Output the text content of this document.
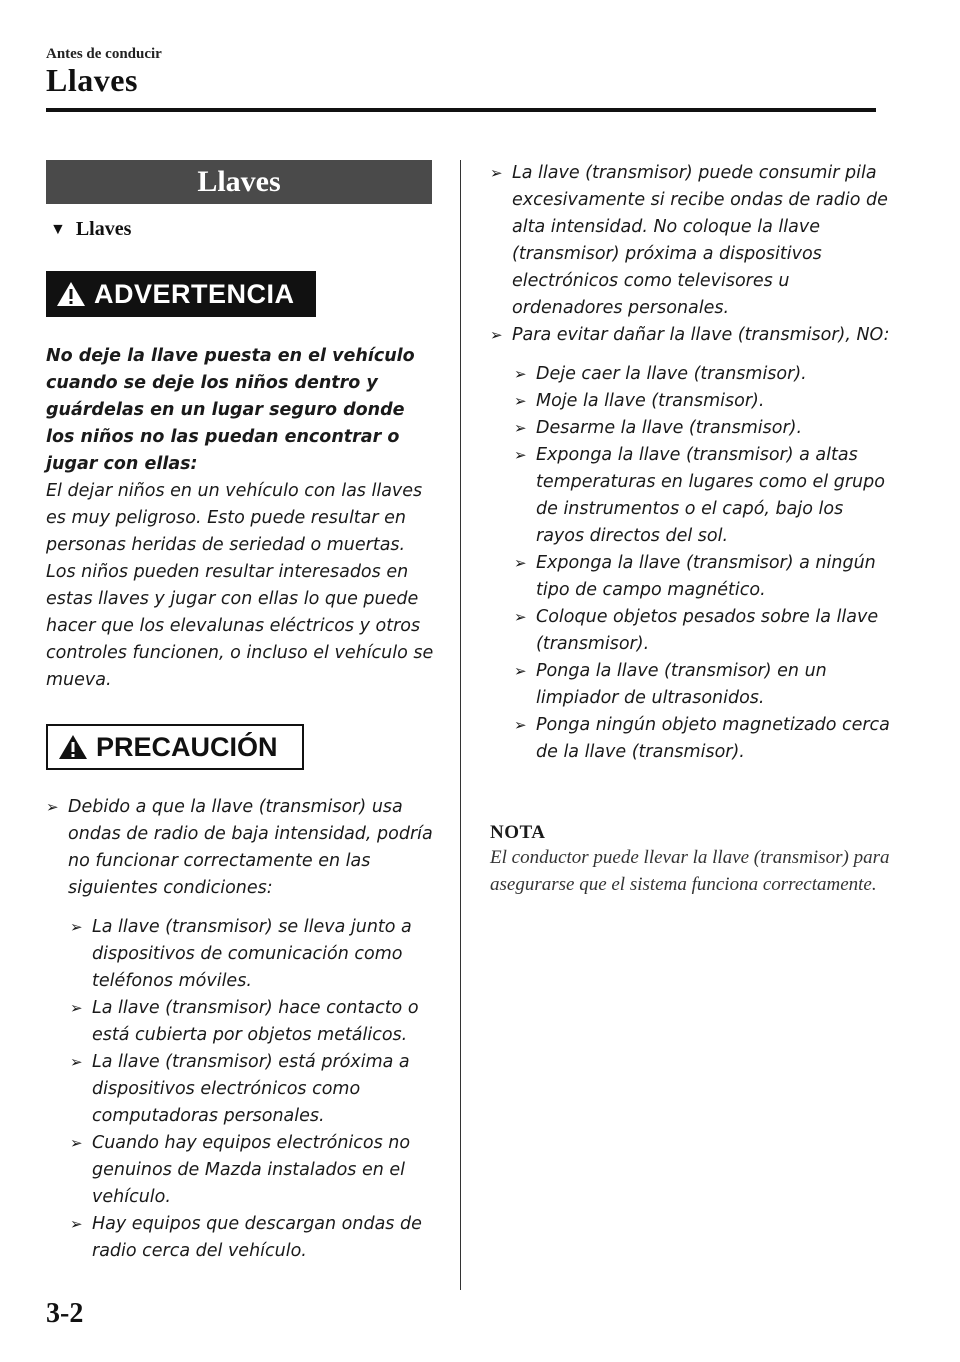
Antes de conducir
Llaves
Llaves
▼ Llaves
ADVERTENCIA
No deje la llave puesta en el vehículo cuando se deje los niños dentro y guárdelas en un lugar seguro donde los niños no las puedan encontrar o jugar con ellas:
El dejar niños en un vehículo con las llaves es muy peligroso. Esto puede resultar en personas heridas de seriedad o muertas. Los niños pueden resultar interesados en estas llaves y jugar con ellas lo que puede hacer que los elevalunas eléctricos y otros controles funcionen, o incluso el vehículo se mueva.
PRECAUCIÓN
➢ Debido a que la llave (transmisor) usa ondas de radio de baja intensidad, podría no funcionar correctamente en las siguientes condiciones:
➢ La llave (transmisor) se lleva junto a dispositivos de comunicación como teléfonos móviles.
➢ La llave (transmisor) hace contacto o está cubierta por objetos metálicos.
➢ La llave (transmisor) está próxima a dispositivos electrónicos como computadoras personales.
➢ Cuando hay equipos electrónicos no genuinos de Mazda instalados en el vehículo.
➢ Hay equipos que descargan ondas de radio cerca del vehículo.
➢ La llave (transmisor) puede consumir pila excesivamente si recibe ondas de radio de alta intensidad. No coloque la llave (transmisor) próxima a dispositivos electrónicos como televisores u ordenadores personales.
➢ Para evitar dañar la llave (transmisor), NO:
➢ Deje caer la llave (transmisor).
➢ Moje la llave (transmisor).
➢ Desarme la llave (transmisor).
➢ Exponga la llave (transmisor) a altas temperaturas en lugares como el grupo de instrumentos o el capó, bajo los rayos directos del sol.
➢ Exponga la llave (transmisor) a ningún tipo de campo magnético.
➢ Coloque objetos pesados sobre la llave (transmisor).
➢ Ponga la llave (transmisor) en un limpiador de ultrasonidos.
➢ Ponga ningún objeto magnetizado cerca de la llave (transmisor).
NOTA
El conductor puede llevar la llave (transmisor) para asegurarse que el sistema funciona correctamente.
3-2
